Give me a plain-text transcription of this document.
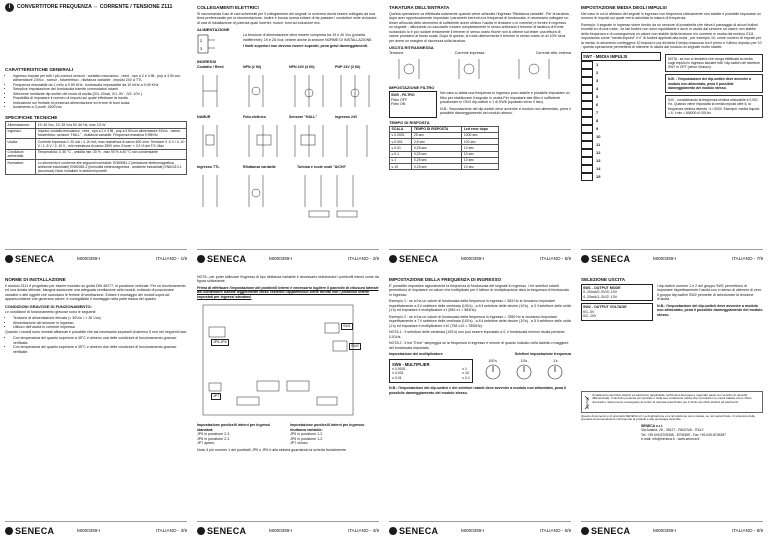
i	CONVERTITORE FREQUENZA ⇔ CORRENTE / TENSIONE Z111
CARATTERISTICHE GENERALI
• Ingresso impulsi per tutti i più comuni sensori : contatto meccanico , reed , npn a 2 e 3 fili , pnp a 3 fili con alimentatore 24Vcc , namur , fotoelettrico , riluttanza variabile , impulsi 24V a TTL
• Frequenza misurabile da 1 mHz a 9,99 KHz, fondoscala impostabile da 10 mHz a 9,99 KHz
• Semplice impostazione del fondoscala tramite commutatori rotanti.
• Selezione mediante dip-switch del modo di uscita (0/4..20mA, 0/1..5V , 0/2..10V ).
• Possibilità di impostare il numero di impulsi sul quale effettuare la media
• Indicazione sul frontale di presenza alimentazione ed errore di fuori scala.
• Isolamento a 3 punti: 1500Vca
SPECIFICHE TECNICHE
Alimentazione:	19..40 Vcc, 19..28 Vca 50..60 Hz, max 2.5 W
Ingresso:	Impulsi: contatto meccanico , reed , npn a 2 e 3 fili , pnp a 3 fili con alimentatore 24Vcc , namur , fotoelettrico ,sensore "HALL" , riluttanza variabile. Frequenza massima 9,99KHz
Uscita:	Corrente impressa 0..20 mA / 4..20 mA, max resistenza di carico 600 ohm. Tensione 0..5 V / 0..10 V / 1..5 V / 2..10 V , min resistenza di carico 2500 ohm. Errore: < 0.3 % del F.S. Max
Condizioni ambientali:	Temperatura: 0..50 °C , umidità min: 30 % , max 90 % a 40 °C non condensante
Normative:	Lo strumento è conforme alle seguenti normative: EN50081-2 (emissione elettromagnetica , ambiente industriale) EN50082-2 (immunità elettromagnetica , ambiente industriale) EN61010-1 (sicurezza) Nota: Installare in ambienti protetti
SENECA	MI000359-I	ITALIANO - 1/8
COLLEGAMENTI ELETTRICI

Si raccomanda l'uso di cavi schermati per il collegamento dei segnali; lo schermo dovrà essere collegato ad una terra preferenziale per la strumentazione. Inoltre è buona norma evitare di far passare i conduttori nelle vicinanze di cavi di installazione di potenza quali inverter, motori, forni ad induzione ecc.

ALIMENTAZIONE
2
3

La tensione di alimentazione deve essere compresa tra 19 e 40 Vcc (polarità indifferente), 19 e 28 Vca; vedere anche la sezione NORME DI INSTALLAZIONE.

I limiti superiori non devono essere superati, pena gravi danneggiamenti.

INGRESSI
Contatto / Reed	NPN (2 fili)	NPN 24V (3 fili)	PNP 24V (3 fili)
NAMUR	Foto-elettrico	Sensore "HALL"	Ingresso 24V
Ingresso TTL	Riluttanza variabile	Turbina e ruote ovali "AICHI"
SENECA	MI000359-I	ITALIANO - 2/8
TARATURA DELL'ENTRATA

Questa operazione va effettuata solamente quando viene utilizzato l'ingresso 'Riluttanza variabile'. Per la taratura , dopo aver opportunamente impostato i parametri inerenti a la frequenza di fondoscala, è necessario collegare un tester all'uscita dello strumento di sufficiente avere utilizzo l'uscita in tensione o in corrente) e fornire in ingresso un segnale , utilizzando un cacciavite ruotare completamente in senso antiorario il trimmer di taratura di fronte ruotandolo lo è poi ruotare lentamente il trimmer in senso orario finché non si ottiene sul tester una lettura di valore prossimo al fondo scala. Dopo di questo, si ruota ulteriormente il trimmer in senso orario di un 10% circa per avere un margine di sicurezza sulla taratura.

USCITA RITRASMESSA
Tensione	Corrente impressa	Corrente attiv. esterna
IMPOSTAZIONE FILTRO
SW5 - FILTRO
Filtro OFF
Filtro ON

Nel caso si abbia una frequenza in ingresso poco stabile è possibile impostare un filtro per stabilizzare il segnale in uscita.Per impostare tale filtro è sufficiente posizionare in ON il dip-switch n.1 di SW6 (spostato verso il lato).

N.B.: l'impostazione dei dip-switch deve avvenire a modulo non alimentato, pena il possibile danneggiamento del modulo stesso.

TEMPO DI RISPOSTA
SCALA	TEMPO DI RISPOSTA	Led error dopo
≤ 0.0001	25 sec	1000 sec
≤ 0.001	2,5 sec	100 sec
≤ 0.01	0,25 sec	10 sec
≤ 0.1	0,25 sec	10 sec
≤ 1	0,25 sec	10 sec
≤ 10	0,25 sec	10 sec
SENECA	MI000359-I	ITALIANO - 5/8
IMPOSTAZIONE MEDIA DEGLI IMPULSI

Nel caso in cui si abbiano dei segnali in ingresso con frequenza ciclicamente non stabile è possibile impostare un numero di impulsi sul quale verrà calcolata la misura di frequenza.

Esempio: il segnale in ingresso viene fornito da un sensore di prossimità che rileva il passaggio di alcuni bulloni montati su di una ruota ; se tali bulloni non sono equidistanti e anch in uscita dal sensore un valore non stabile della frequenza e di conseguenza un valore non stabile della tensione e/o corrente in uscita dal modulo Z111. Impostando come "media impulsi" il n° di bulloni applicati alla ruota , per esempio 10, come numero di impulsi per la media, lo strumento conteggerà 10 impulsi e poi dividerà il tempo trascorso tra il primo e l'ultimo impulso per 10 : questa operazione permetterà di ottenere in uscita dal modulo un segnale molto stabile.

SW7 - MEDIA IMPULSI
1
2
3
4
5
6
7
8
9
10
11
12
13
14
15
NOTA : se non si desidera che venga effettuata la media sugli impulsi in ingresso lasciare tutti i dip-switch del selettore SW7 in OFF (verso il basso).
N.B. : l'impostazione dei dip-switch deve avvenire a modulo non alimentato, pena il possibile danneggiamento del modulo stesso.
N.B. : considerando la frequenza minima misurabile è 0,001 Hz. Quando viene impostata la media impulsi oltre 6, la frequenza minima diventa : k / 6000. Esempio: media impulsi = 6, f min = 6/6000=0.001Hz
SENECA	MI000359-I	ITALIANO - 7/8
NORME DI INSTALLAZIONE

Il modulo Z111 è progettato per essere montato su guida DIN 46277, in posizione verticale. Per un funzionamento ed una durata ottimale, bisogna assicurare una adeguata ventilazione al/ai moduli, evitando di posizionare canaline o altri oggetti che occludano le feritoie di ventilazione. Evitare il montaggio dei moduli sopra ad apparecchiature che generano calore; è consigliabile il montaggio nella parte bassa del quadro.

CONDIZIONI GRAVOSE DI FUNZIONAMENTO:

Le condizioni di funzionamento gravose sono le seguenti:

• Tensione di alimentazione elevata (> 30Vcc / > 26 Vca)
• Alimentazione del sensore in ingresso
• Utilizzo dell'uscita in corrente impressa

Quando i moduli sono montati affiancati è possibile che sia necessario separarli di almeno 5 mm nei seguenti casi:

• Con temperatura del quadro superiore a 45°C e almeno una delle condizioni di funzionamento gravose verificata.
• Con temperatura del quadro superiore a 35°C e almeno due delle condizioni di funzionamento gravose verificate.
SENECA	MI000359-I	ITALIANO - 3/8

NOTA : per poter utilizzare l'ingresso di tipo riluttanza variabile è necessario selezionare i ponticelli interni come da figura sottostante.

Prima di effettuare l'impostazione dei ponticelli interni è necessario togliere il pannello di chiusura laterale del contenitore tramite leggermente verso l'esterno l'apparecchio viene fornito con i ponticelli interni impostati per ingressi standard.

JP5-JP6
SW1
SW2
JP7
Impostazione ponticelli interni per ingressi standard:
JP5 in posizione 2-3
JP6 in posizione 2-3
JP7 aperto
Impostazione ponticelli interni per ingresso riluttanza variabile:
JP5 in posizione 1-2
JP6 in posizione 1-2
JP7 chiuso

Nota: il pin numero 1 dei ponticelli JP5 e JP6 è alla sinistra guardando la scheda frontalmente.

SENECA	MI000359-I	ITALIANO - 4/8
IMPOSTAZIONE DELLA FREQUENZA DI INGRESSO

E' possibile impostare agevolmente la frequenza di fondoscala del segnale in ingresso. I tre selettori rotanti permettono di impostare un valore che moltiplicato per il fattore di moltiplicazione darà la frequenza di fondoscala in ingresso.

Esempio 1 : se si ha un valore di fondoscala della frequenza in ingresso = 583 Hz si dovranno impostare rispettivamente a 5 il selettore delle centinaia (100's) , a 8 il selettore delle decine (10's) , a 3 il selettore delle unità (1's) ed impostare il moltiplicatore x1 (583 x1 = 583Hz).

Esempio 2 : se si ha un valore di fondoscala della frequenza in ingresso = 7850 Hz si dovranno impostare rispettivamente a 7 il selettore delle centinaia (100's) , a 8 il selettore delle decine (10's) , a 5 il selettore delle unità (1's) ed impostare il moltiplicatore x10 (758 x10 = 7850Hz).

NOTA 1 : Il selettore delle centinaia (100's) non può essere impostato a 0, il fondoscala minimo risulta pertanto 0,01Hz.

NOTA 2 : Il led "Error" lampeggia se la frequenza in ingresso è minore di quanto indicato nella tabella o maggiore del fondoscala impostato.

Impostazione del moltiplicatore	Selettori impostazione frequenza
SW6 - MULTIPLIER
x 0.0001
x 0.001
x 0.01
x 1
x 10
x 0.1
100's	10's	1's

N.B.: l'impostazione dei dip-switch e dei selettori rotanti deve avvenire a modulo non alimentato, pena il possibile danneggiamento del modulo stesso.

SENECA	MI000359-I	ITALIANO - 6/8
SELEZIONE USCITA
SW1 - OUTPUT MODE
0..20mA/0..5V/0..10V
4..20mA/1..5V/2..10V
SW2 - OUTPUT VOLTAGE
0/1..5V
0/2..10V

I dip-switch numero 1 e 2 del gruppo SW1 permettono di impostare rispettivamente l'uscita con in senso di ottenere di zero. Il gruppo dip-switch SW2 permette di selezionare la tensione d'uscita.

N.B.: l'impostazione dei dip-switch deve avvenire a modulo non alimentato, pena il possibile danneggiamento del modulo stesso.

Smaltimento dei rifiuti elettrici ed elettronici (applicabile nell'Unione Europea e negli altri paesi con servizio di raccolta differenziata). Il simbolo presente sul prodotto o sulla sua confezione indica che il prodotto non verrà trattato come rifiuto domestico. Sarà invece consegnato al centro di raccolta autorizzato per il riciclo dei rifiuti elettrici ed elettronici.

Questo documento è di proprietà SENECA srl. La duplicazione e la riproduzione sono vietate, se non autorizzate. Il contenuto della presente documentazione corrisponde ai prodotti e alle tecnologie descritte.

SENECA s.r.l.
Via Austria, 26 - 35127 - PADOVA - ITALY
Tel. +39.049.8705355 - 8705359 - Fax +39.049.8706287
e-mail: info@seneca.it - www.seneca.it
SENECA	MI000359-I	ITALIANO - 8/8
